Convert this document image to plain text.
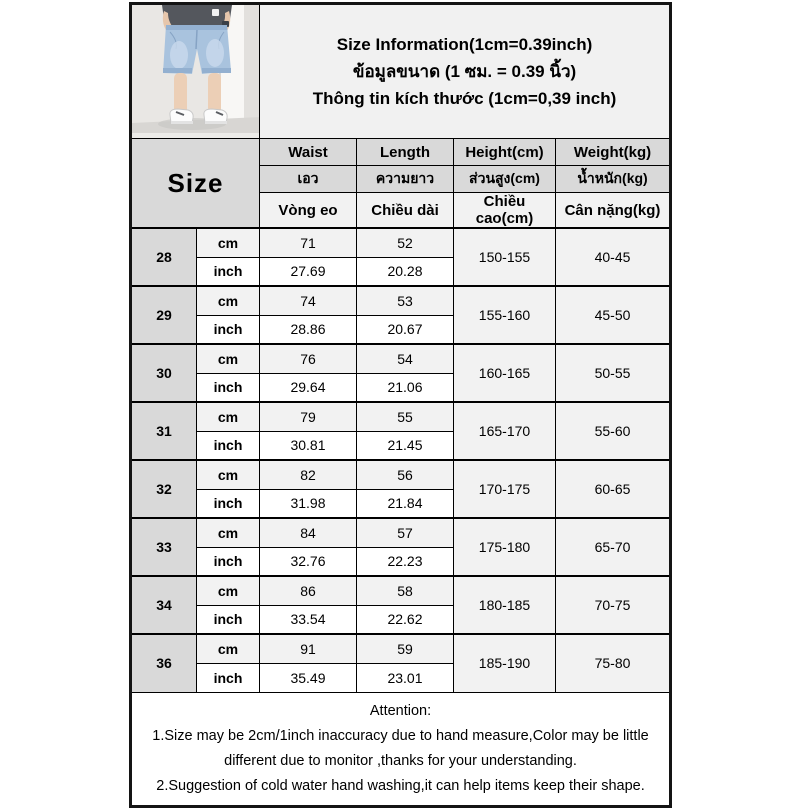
Size Information(1cm=0.39inch)
ข้อมูลขนาด (1 ซม. = 0.39 นิ้ว)
Thông tin kích thước (1cm=0,39 inch)			

Size		Waist	Length	Height(cm)	Weight(kg)
		เอว	ความยาว	ส่วนสูง(cm)	น้ำหนัก(kg)
		Vòng eo	Chiều dài	Chiều cao(cm)	Cân nặng(kg)
28	cm	71	52	150-155	40-45
	inch	27.69	20.28		
29	cm	74	53	155-160	45-50
	inch	28.86	20.67		
30	cm	76	54	160-165	50-55
	inch	29.64	21.06		
31	cm	79	55	165-170	55-60
	inch	30.81	21.45		
32	cm	82	56	170-175	60-65
	inch	31.98	21.84		
33	cm	84	57	175-180	65-70
	inch	32.76	22.23		
34	cm	86	58	180-185	70-75
	inch	33.54	22.62		
36	cm	91	59	185-190	75-80
	inch	35.49	23.01		

Attention:
1.Size may be 2cm/1inch inaccuracy due to hand measure,Color may be little different due to monitor ,thanks for your understanding.
2.Suggestion of cold water hand washing,it can help items keep their shape.					
